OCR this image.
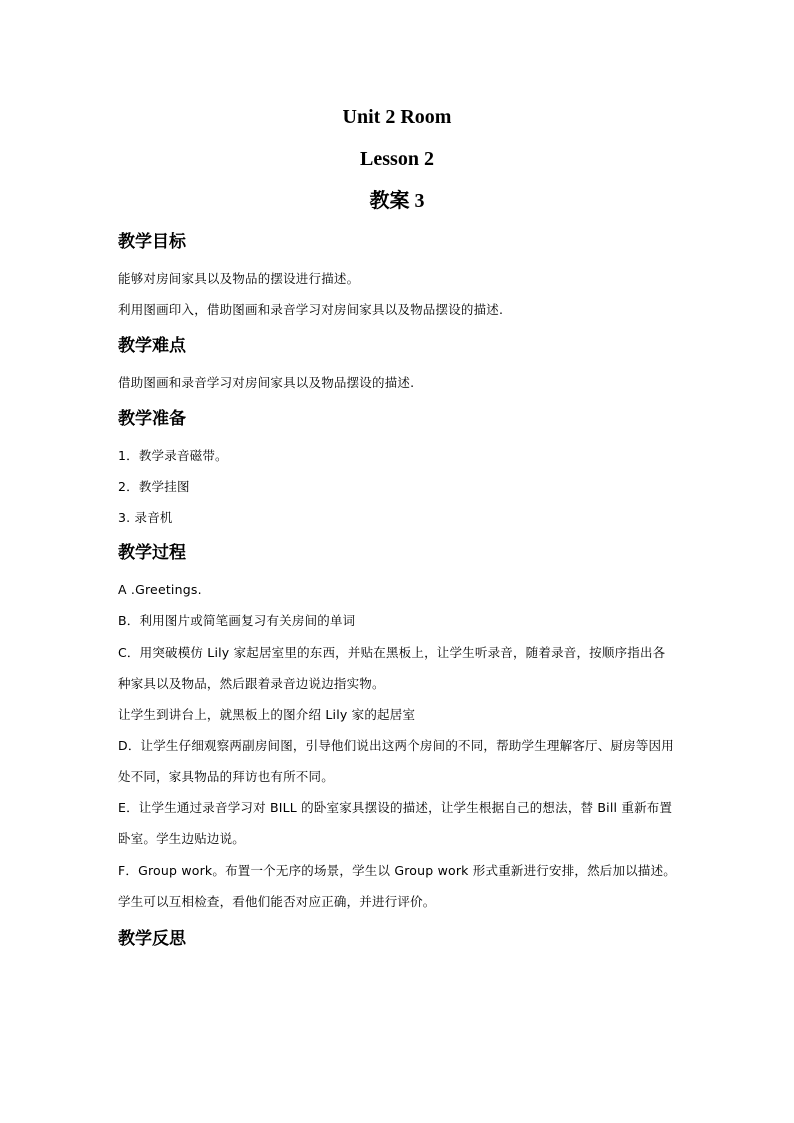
Unit 2 Room
Lesson 2
教案 3
教学目标

能够对房间家具以及物品的摆设进行描述。

利用图画印入，借助图画和录音学习对房间家具以及物品摆设的描述.

教学难点

借助图画和录音学习对房间家具以及物品摆设的描述.

教学准备

1．教学录音磁带。

2．教学挂图

3. 录音机

教学过程

A .Greetings.

B．利用图片或简笔画复习有关房间的单词

C．用突破模仿 Lily 家起居室里的东西，并贴在黑板上，让学生听录音，随着录音，按顺序指出各种家具以及物品，然后跟着录音边说边指实物。

让学生到讲台上，就黑板上的图介绍 Lily 家的起居室

D．让学生仔细观察两副房间图，引导他们说出这两个房间的不同，帮助学生理解客厅、厨房等因用处不同，家具物品的拜访也有所不同。

E．让学生通过录音学习对 BILL 的卧室家具摆设的描述，让学生根据自己的想法，替 Bill 重新布置卧室。学生边贴边说。

F．Group work。布置一个无序的场景，学生以 Group work 形式重新进行安排，然后加以描述。学生可以互相检查，看他们能否对应正确，并进行评价。

教学反思
